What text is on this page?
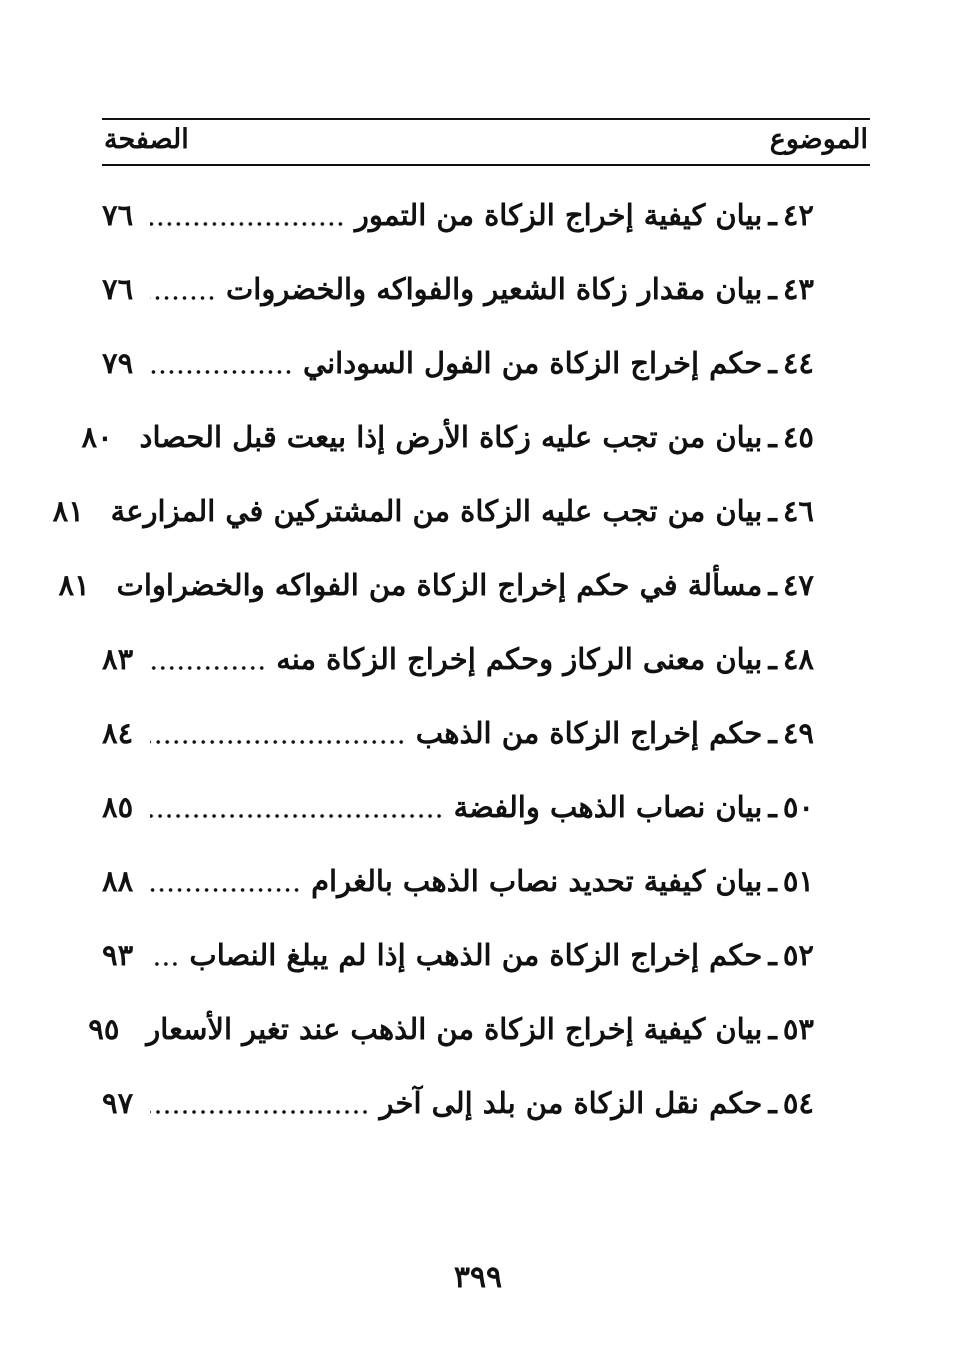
الموضوع
الصفحة
٤٢
ـ
بيان كيفية إخراج الزكاة من التمور
٧٦
٤٣
ـ
بيان مقدار زكاة الشعير والفواكه والخضروات
٧٦
٤٤
ـ
حكم إخراج الزكاة من الفول السوداني
٧٩
٤٥
ـ
بيان من تجب عليه زكاة الأرض إذا بيعت قبل الحصاد
٨٠
٤٦
ـ
بيان من تجب عليه الزكاة من المشتركين في المزارعة
٨١
٤٧
ـ
مسألة في حكم إخراج الزكاة من الفواكه والخضراوات
٨١
٤٨
ـ
بيان معنى الركاز وحكم إخراج الزكاة منه
٨٣
٤٩
ـ
حكم إخراج الزكاة من الذهب
٨٤
٥٠
ـ
بيان نصاب الذهب والفضة
٨٥
٥١
ـ
بيان كيفية تحديد نصاب الذهب بالغرام
٨٨
٥٢
ـ
حكم إخراج الزكاة من الذهب إذا لم يبلغ النصاب
٩٣
٥٣
ـ
بيان كيفية إخراج الزكاة من الذهب عند تغير الأسعار
٩٥
٥٤
ـ
حكم نقل الزكاة من بلد إلى آخر
٩٧
٣٩٩
